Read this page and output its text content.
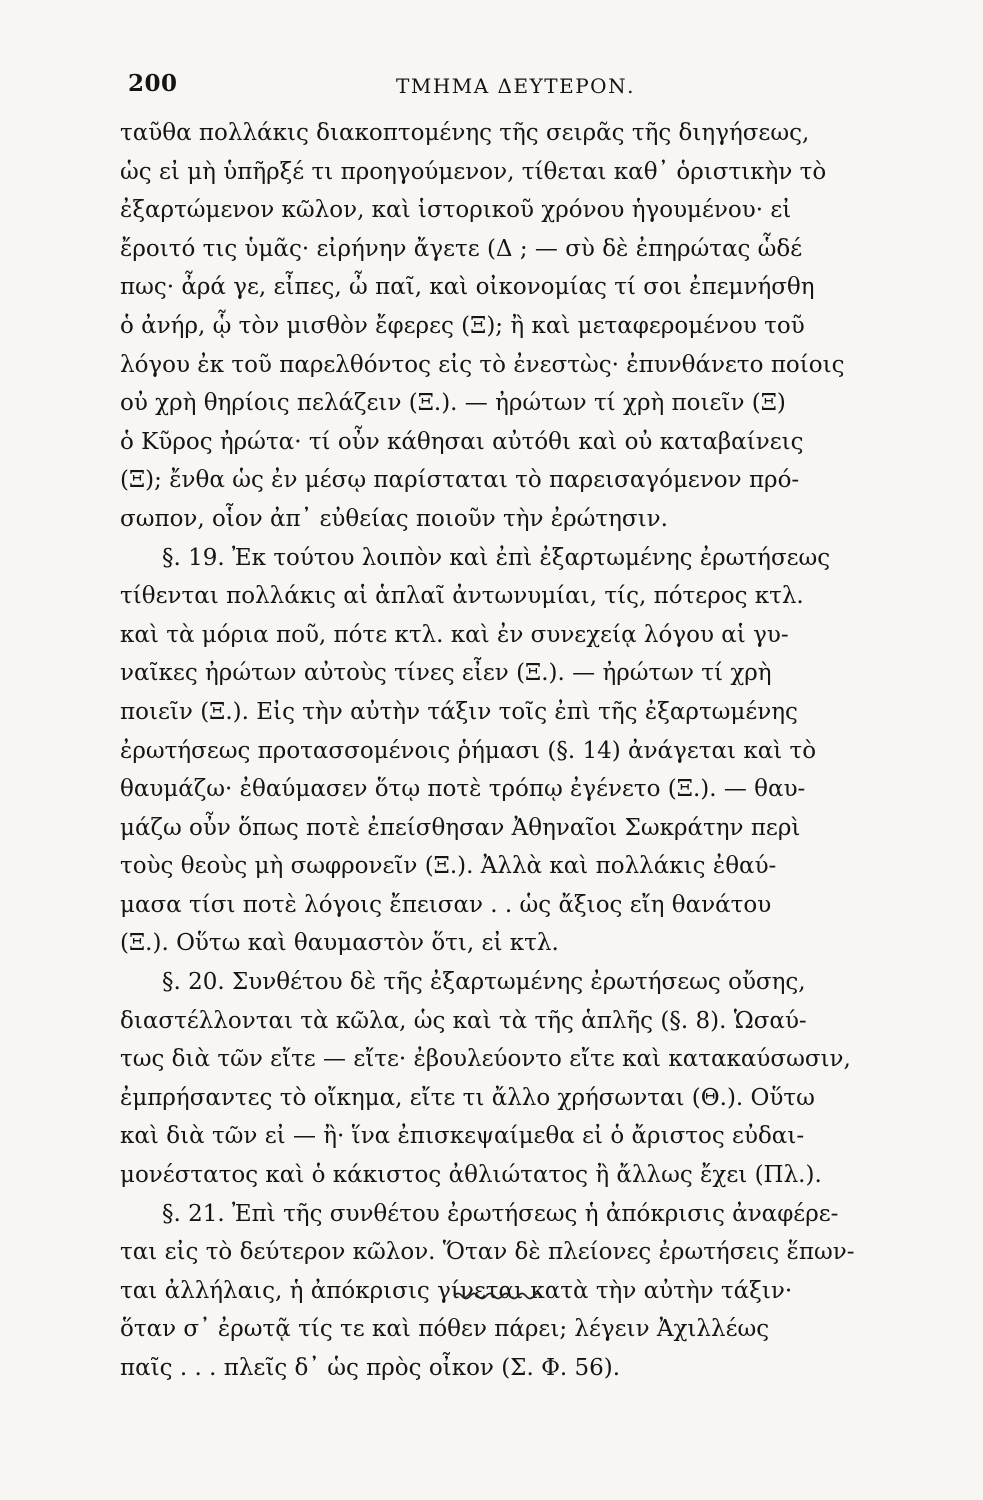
200	ΤΜΗΜΑ ΔΕΥΤΕΡΟΝ.
ταῦθα πολλάκις διακοπτομένης τῆς σειρᾶς τῆς διηγήσεως,
ὡς εἰ μὴ ὑπῆρξέ τι προηγούμενον, τίθεται καθ᾽ ὁριστικὴν τὸ
ἐξαρτώμενον κῶλον, καὶ ἱστορικοῦ χρόνου ἡγουμένου· εἰ
ἔροιτό τις ὑμᾶς· εἰρήνην ἄγετε (Δ ; — σὺ δὲ ἐπηρώτας ὧδέ
πως· ἆρά γε, εἶπες, ὦ παῖ, καὶ οἰκονομίας τί σοι ἐπεμνήσθη
ὁ ἀνήρ, ᾧ τὸν μισθὸν ἔφερες (Ξ); ἢ καὶ μεταφερομένου τοῦ
λόγου ἐκ τοῦ παρελθόντος εἰς τὸ ἐνεστὼς· ἐπυνθάνετο ποίοις
οὐ χρὴ θηρίοις πελάζειν (Ξ.). — ἠρώτων τί χρὴ ποιεῖν (Ξ)
ὁ Κῦρος ἠρώτα· τί οὖν κάθησαι αὐτόθι καὶ οὐ καταβαίνεις
(Ξ); ἔνθα ὡς ἐν μέσῳ παρίσταται τὸ παρεισαγόμενον πρό-
σωπον, οἷον ἀπ᾽ εὐθείας ποιοῦν τὴν ἐρώτησιν.
§. 19. Ἐκ τούτου λοιπὸν καὶ ἐπὶ ἐξαρτωμένης ἐρωτήσεως
τίθενται πολλάκις αἱ ἁπλαῖ ἀντωνυμίαι, τίς, πότερος κτλ.
καὶ τὰ μόρια ποῦ, πότε κτλ. καὶ ἐν συνεχείᾳ λόγου αἱ γυ-
ναῖκες ἠρώτων αὐτοὺς τίνες εἶεν (Ξ.). — ἠρώτων τί χρὴ
ποιεῖν (Ξ.). Εἰς τὴν αὐτὴν τάξιν τοῖς ἐπὶ τῆς ἐξαρτωμένης
ἐρωτήσεως προτασσομένοις ῥήμασι (§. 14) ἀνάγεται καὶ τὸ
θαυμάζω· ἐθαύμασεν ὅτῳ ποτὲ τρόπῳ ἐγένετο (Ξ.). — θαυ-
μάζω οὖν ὅπως ποτὲ ἐπείσθησαν Ἀθηναῖοι Σωκράτην περὶ
τοὺς θεοὺς μὴ σωφρονεῖν (Ξ.). Ἀλλὰ καὶ πολλάκις ἐθαύ-
μασα τίσι ποτὲ λόγοις ἔπεισαν . . ὡς ἄξιος εἴη θανάτου
(Ξ.). Οὕτω καὶ θαυμαστὸν ὅτι, εἰ κτλ.
§. 20. Συνθέτου δὲ τῆς ἐξαρτωμένης ἐρωτήσεως οὔσης,
διαστέλλονται τὰ κῶλα, ὡς καὶ τὰ τῆς ἁπλῆς (§. 8). Ὡσαύ-
τως διὰ τῶν εἴτε — εἴτε· ἐβουλεύοντο εἴτε καὶ κατακαύσωσιν,
ἐμπρήσαντες τὸ οἴκημα, εἴτε τι ἄλλο χρήσωνται (Θ.). Οὕτω
καὶ διὰ τῶν εἰ — ἢ· ἵνα ἐπισκεψαίμεθα εἰ ὁ ἄριστος εὐδαι-
μονέστατος καὶ ὁ κάκιστος ἀθλιώτατος ἢ ἄλλως ἔχει (Πλ.).
§. 21. Ἐπὶ τῆς συνθέτου ἐρωτήσεως ἡ ἀπόκρισις ἀναφέρε-
ται εἰς τὸ δεύτερον κῶλον. Ὅταν δὲ πλείονες ἐρωτήσεις ἕπων-
ται ἀλλήλαις, ἡ ἀπόκρισις γίνεται κατὰ τὴν αὐτὴν τάξιν·
ὅταν σ᾽ ἐρωτᾷ τίς τε καὶ πόθεν πάρει; λέγειν Ἀχιλλέως
παῖς . . . πλεῖς δ᾽ ὡς πρὸς οἶκον (Σ. Φ. 56).
